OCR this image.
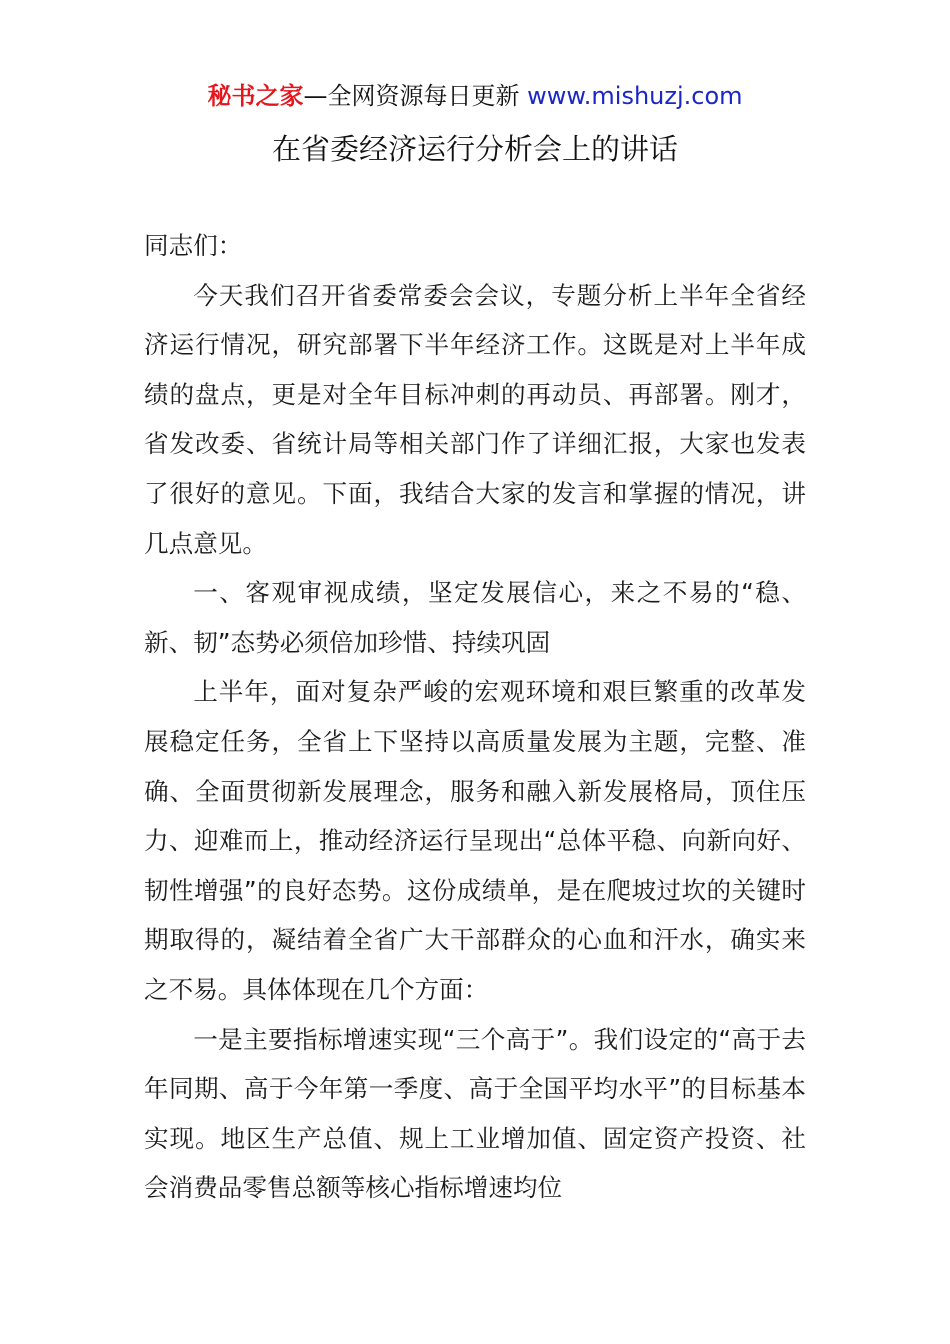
秘书之家—全网资源每日更新 www.mishuzj.com
在省委经济运行分析会上的讲话

同志们：

今天我们召开省委常委会会议，专题分析上半年全省经济运行情况，研究部署下半年经济工作。这既是对上半年成绩的盘点，更是对全年目标冲刺的再动员、再部署。刚才，省发改委、省统计局等相关部门作了详细汇报，大家也发表了很好的意见。下面，我结合大家的发言和掌握的情况，讲几点意见。

一、客观审视成绩，坚定发展信心，来之不易的“稳、新、韧”态势必须倍加珍惜、持续巩固

上半年，面对复杂严峻的宏观环境和艰巨繁重的改革发展稳定任务，全省上下坚持以高质量发展为主题，完整、准确、全面贯彻新发展理念，服务和融入新发展格局，顶住压力、迎难而上，推动经济运行呈现出“总体平稳、向新向好、韧性增强”的良好态势。这份成绩单，是在爬坡过坎的关键时期取得的，凝结着全省广大干部群众的心血和汗水，确实来之不易。具体体现在几个方面：

一是主要指标增速实现“三个高于”。我们设定的“高于去年同期、高于今年第一季度、高于全国平均水平”的目标基本实现。地区生产总值、规上工业增加值、固定资产投资、社会消费品零售总额等核心指标增速均位
